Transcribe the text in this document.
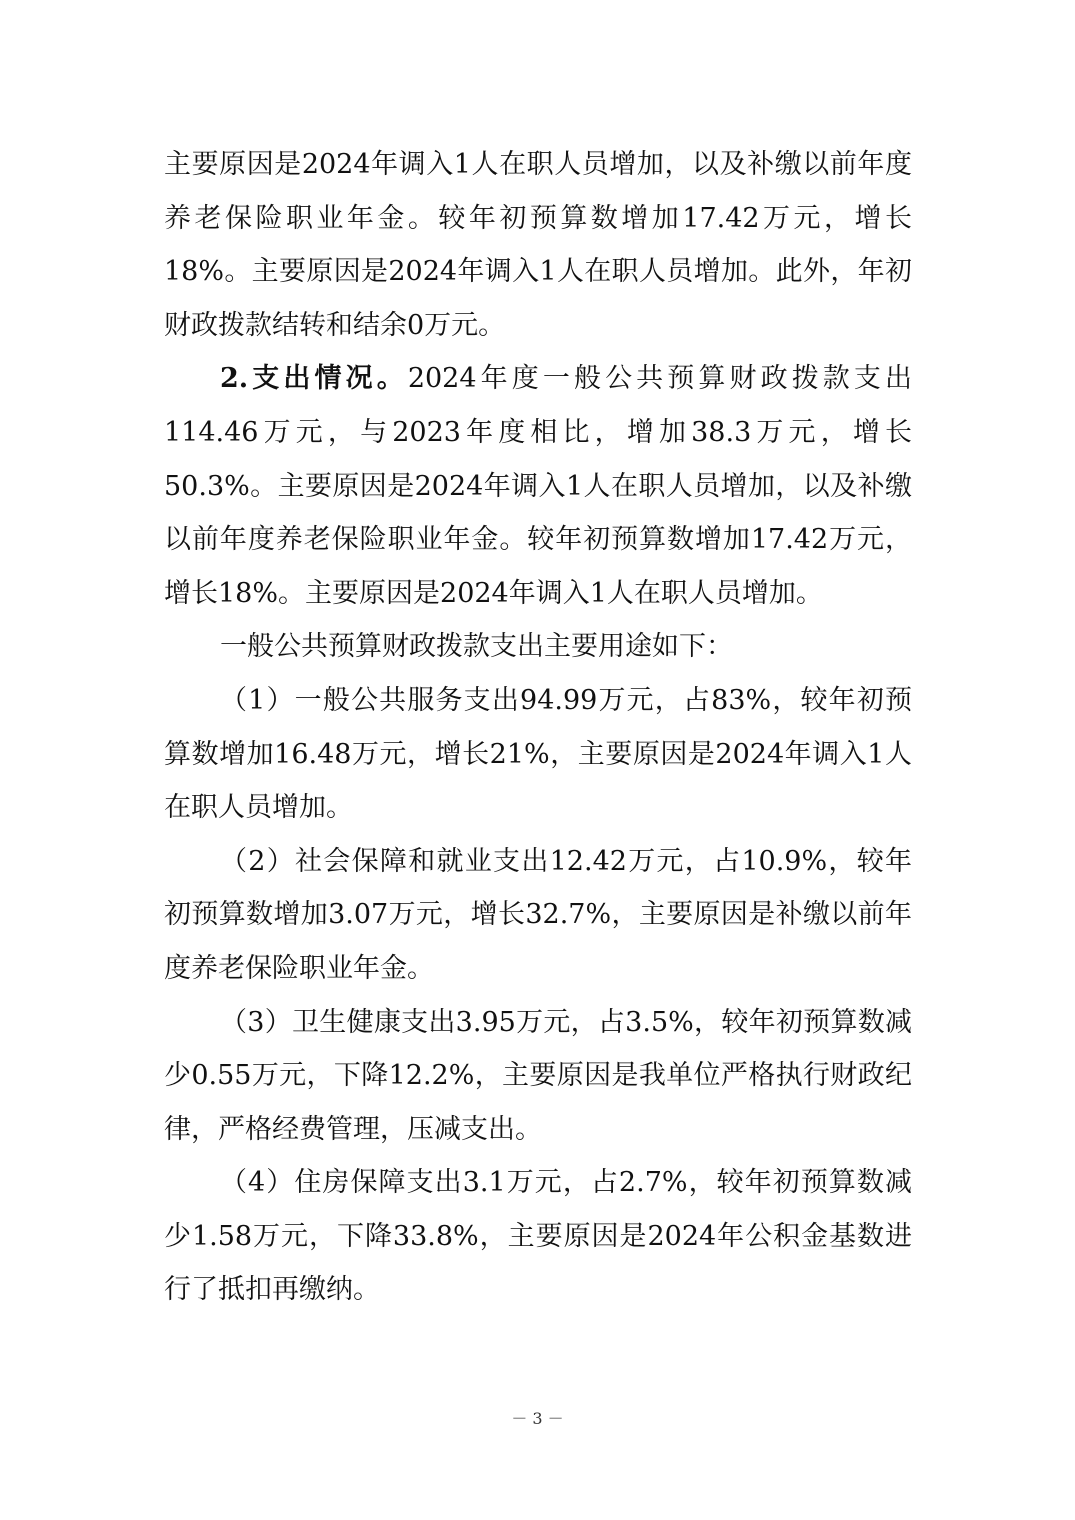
主要原因是2024年调入1人在职人员增加，以及补缴以前年度养老保险职业年金。较年初预算数增加17.42万元，增长18%。主要原因是2024年调入1人在职人员增加。此外，年初财政拨款结转和结余0万元。

2.支出情况。2024年度一般公共预算财政拨款支出114.46万元，与2023年度相比，增加38.3万元，增长50.3%。主要原因是2024年调入1人在职人员增加，以及补缴以前年度养老保险职业年金。较年初预算数增加17.42万元，增长18%。主要原因是2024年调入1人在职人员增加。

一般公共预算财政拨款支出主要用途如下：

（1）一般公共服务支出94.99万元，占83%，较年初预算数增加16.48万元，增长21%，主要原因是2024年调入1人在职人员增加。

（2）社会保障和就业支出12.42万元，占10.9%，较年初预算数增加3.07万元，增长32.7%，主要原因是补缴以前年度养老保险职业年金。

（3）卫生健康支出3.95万元，占3.5%，较年初预算数减少0.55万元，下降12.2%，主要原因是我单位严格执行财政纪律，严格经费管理，压减支出。

（4）住房保障支出3.1万元，占2.7%，较年初预算数减少1.58万元，下降33.8%，主要原因是2024年公积金基数进行了抵扣再缴纳。

－ 3 －
